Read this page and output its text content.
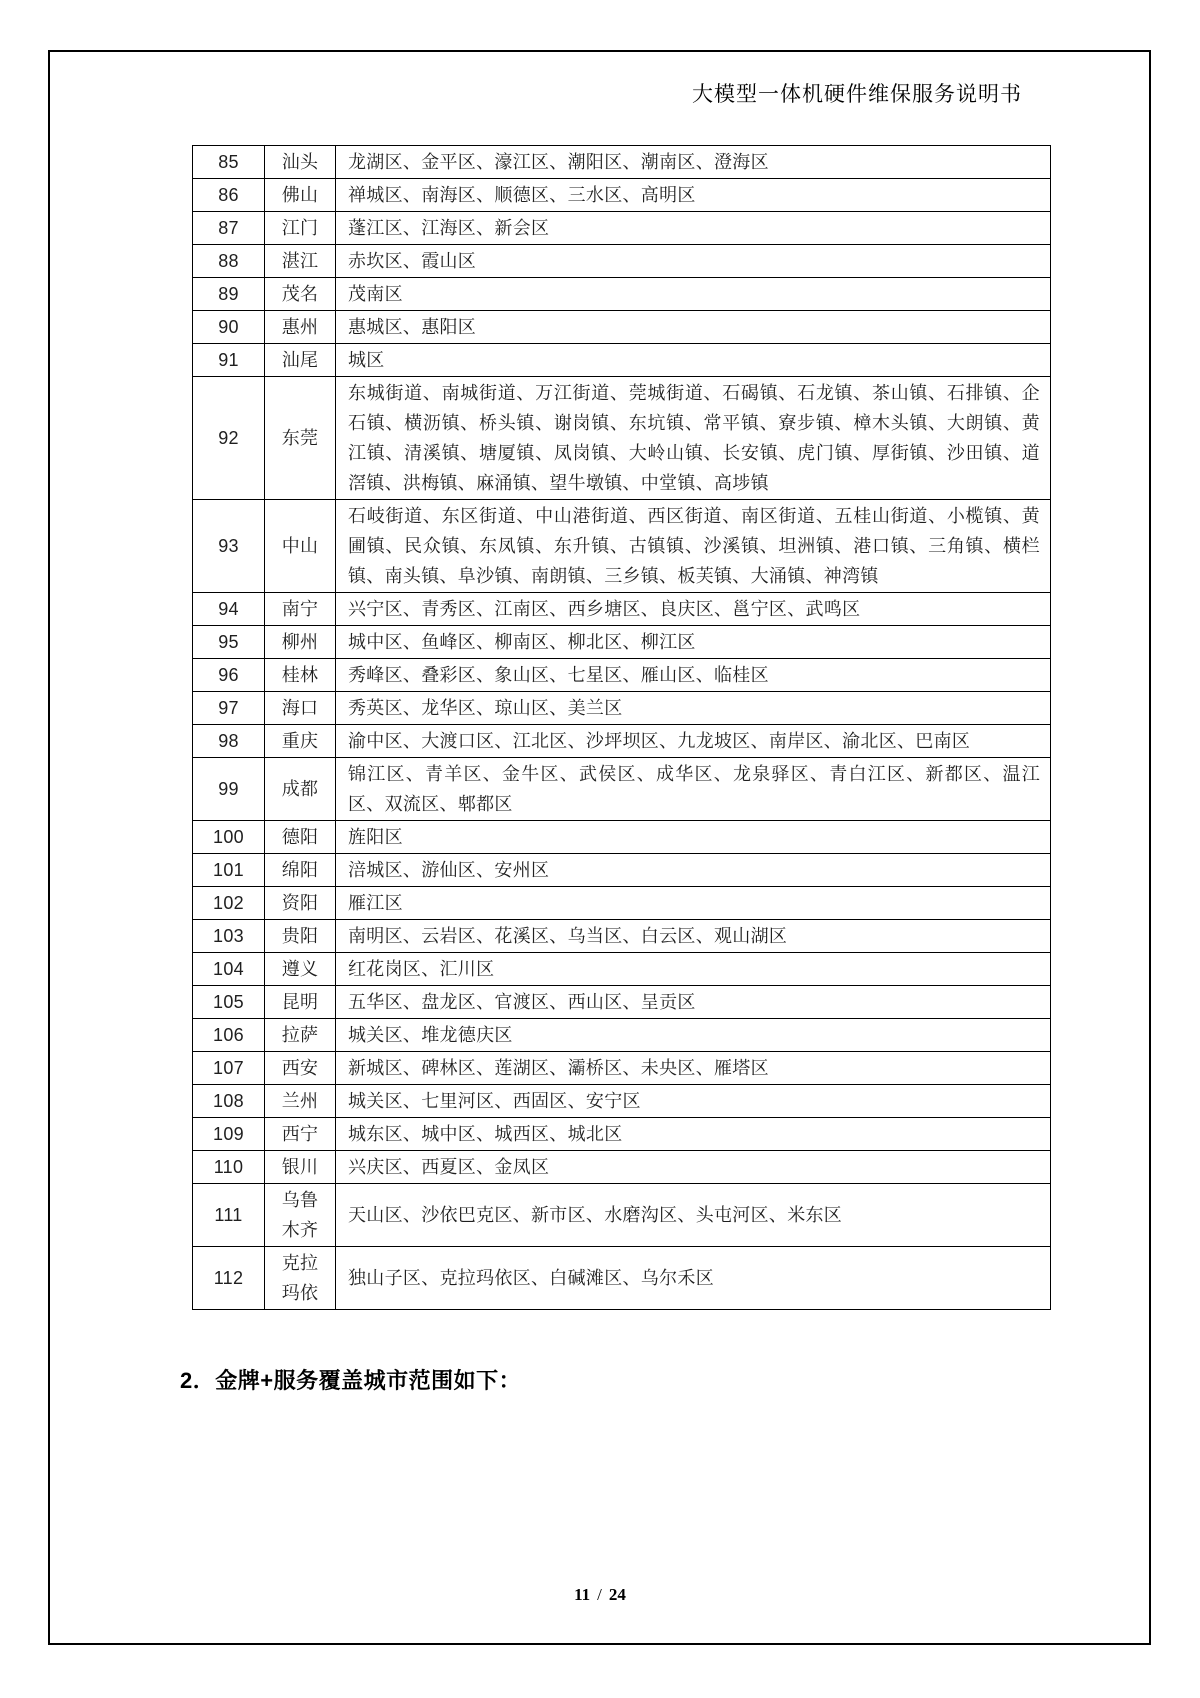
大模型一体机硬件维保服务说明书
85	汕头	龙湖区、金平区、濠江区、潮阳区、潮南区、澄海区
86	佛山	禅城区、南海区、顺德区、三水区、高明区
87	江门	蓬江区、江海区、新会区
88	湛江	赤坎区、霞山区
89	茂名	茂南区
90	惠州	惠城区、惠阳区
91	汕尾	城区
92	东莞	东城街道、南城街道、万江街道、莞城街道、石碣镇、石龙镇、茶山镇、石排镇、企石镇、横沥镇、桥头镇、谢岗镇、东坑镇、常平镇、寮步镇、樟木头镇、大朗镇、黄江镇、清溪镇、塘厦镇、凤岗镇、大岭山镇、长安镇、虎门镇、厚街镇、沙田镇、道滘镇、洪梅镇、麻涌镇、望牛墩镇、中堂镇、高埗镇
93	中山	石岐街道、东区街道、中山港街道、西区街道、南区街道、五桂山街道、小榄镇、黄圃镇、民众镇、东凤镇、东升镇、古镇镇、沙溪镇、坦洲镇、港口镇、三角镇、横栏镇、南头镇、阜沙镇、南朗镇、三乡镇、板芙镇、大涌镇、神湾镇
94	南宁	兴宁区、青秀区、江南区、西乡塘区、良庆区、邕宁区、武鸣区
95	柳州	城中区、鱼峰区、柳南区、柳北区、柳江区
96	桂林	秀峰区、叠彩区、象山区、七星区、雁山区、临桂区
97	海口	秀英区、龙华区、琼山区、美兰区
98	重庆	渝中区、大渡口区、江北区、沙坪坝区、九龙坡区、南岸区、渝北区、巴南区
99	成都	锦江区、青羊区、金牛区、武侯区、成华区、龙泉驿区、青白江区、新都区、温江区、双流区、郫都区
100	德阳	旌阳区
101	绵阳	涪城区、游仙区、安州区
102	资阳	雁江区
103	贵阳	南明区、云岩区、花溪区、乌当区、白云区、观山湖区
104	遵义	红花岗区、汇川区
105	昆明	五华区、盘龙区、官渡区、西山区、呈贡区
106	拉萨	城关区、堆龙德庆区
107	西安	新城区、碑林区、莲湖区、灞桥区、未央区、雁塔区
108	兰州	城关区、七里河区、西固区、安宁区
109	西宁	城东区、城中区、城西区、城北区
110	银川	兴庆区、西夏区、金凤区
111	乌鲁木齐	天山区、沙依巴克区、新市区、水磨沟区、头屯河区、米东区
112	克拉玛依	独山子区、克拉玛依区、白碱滩区、乌尔禾区
2．金牌+服务覆盖城市范围如下：
11 / 24
